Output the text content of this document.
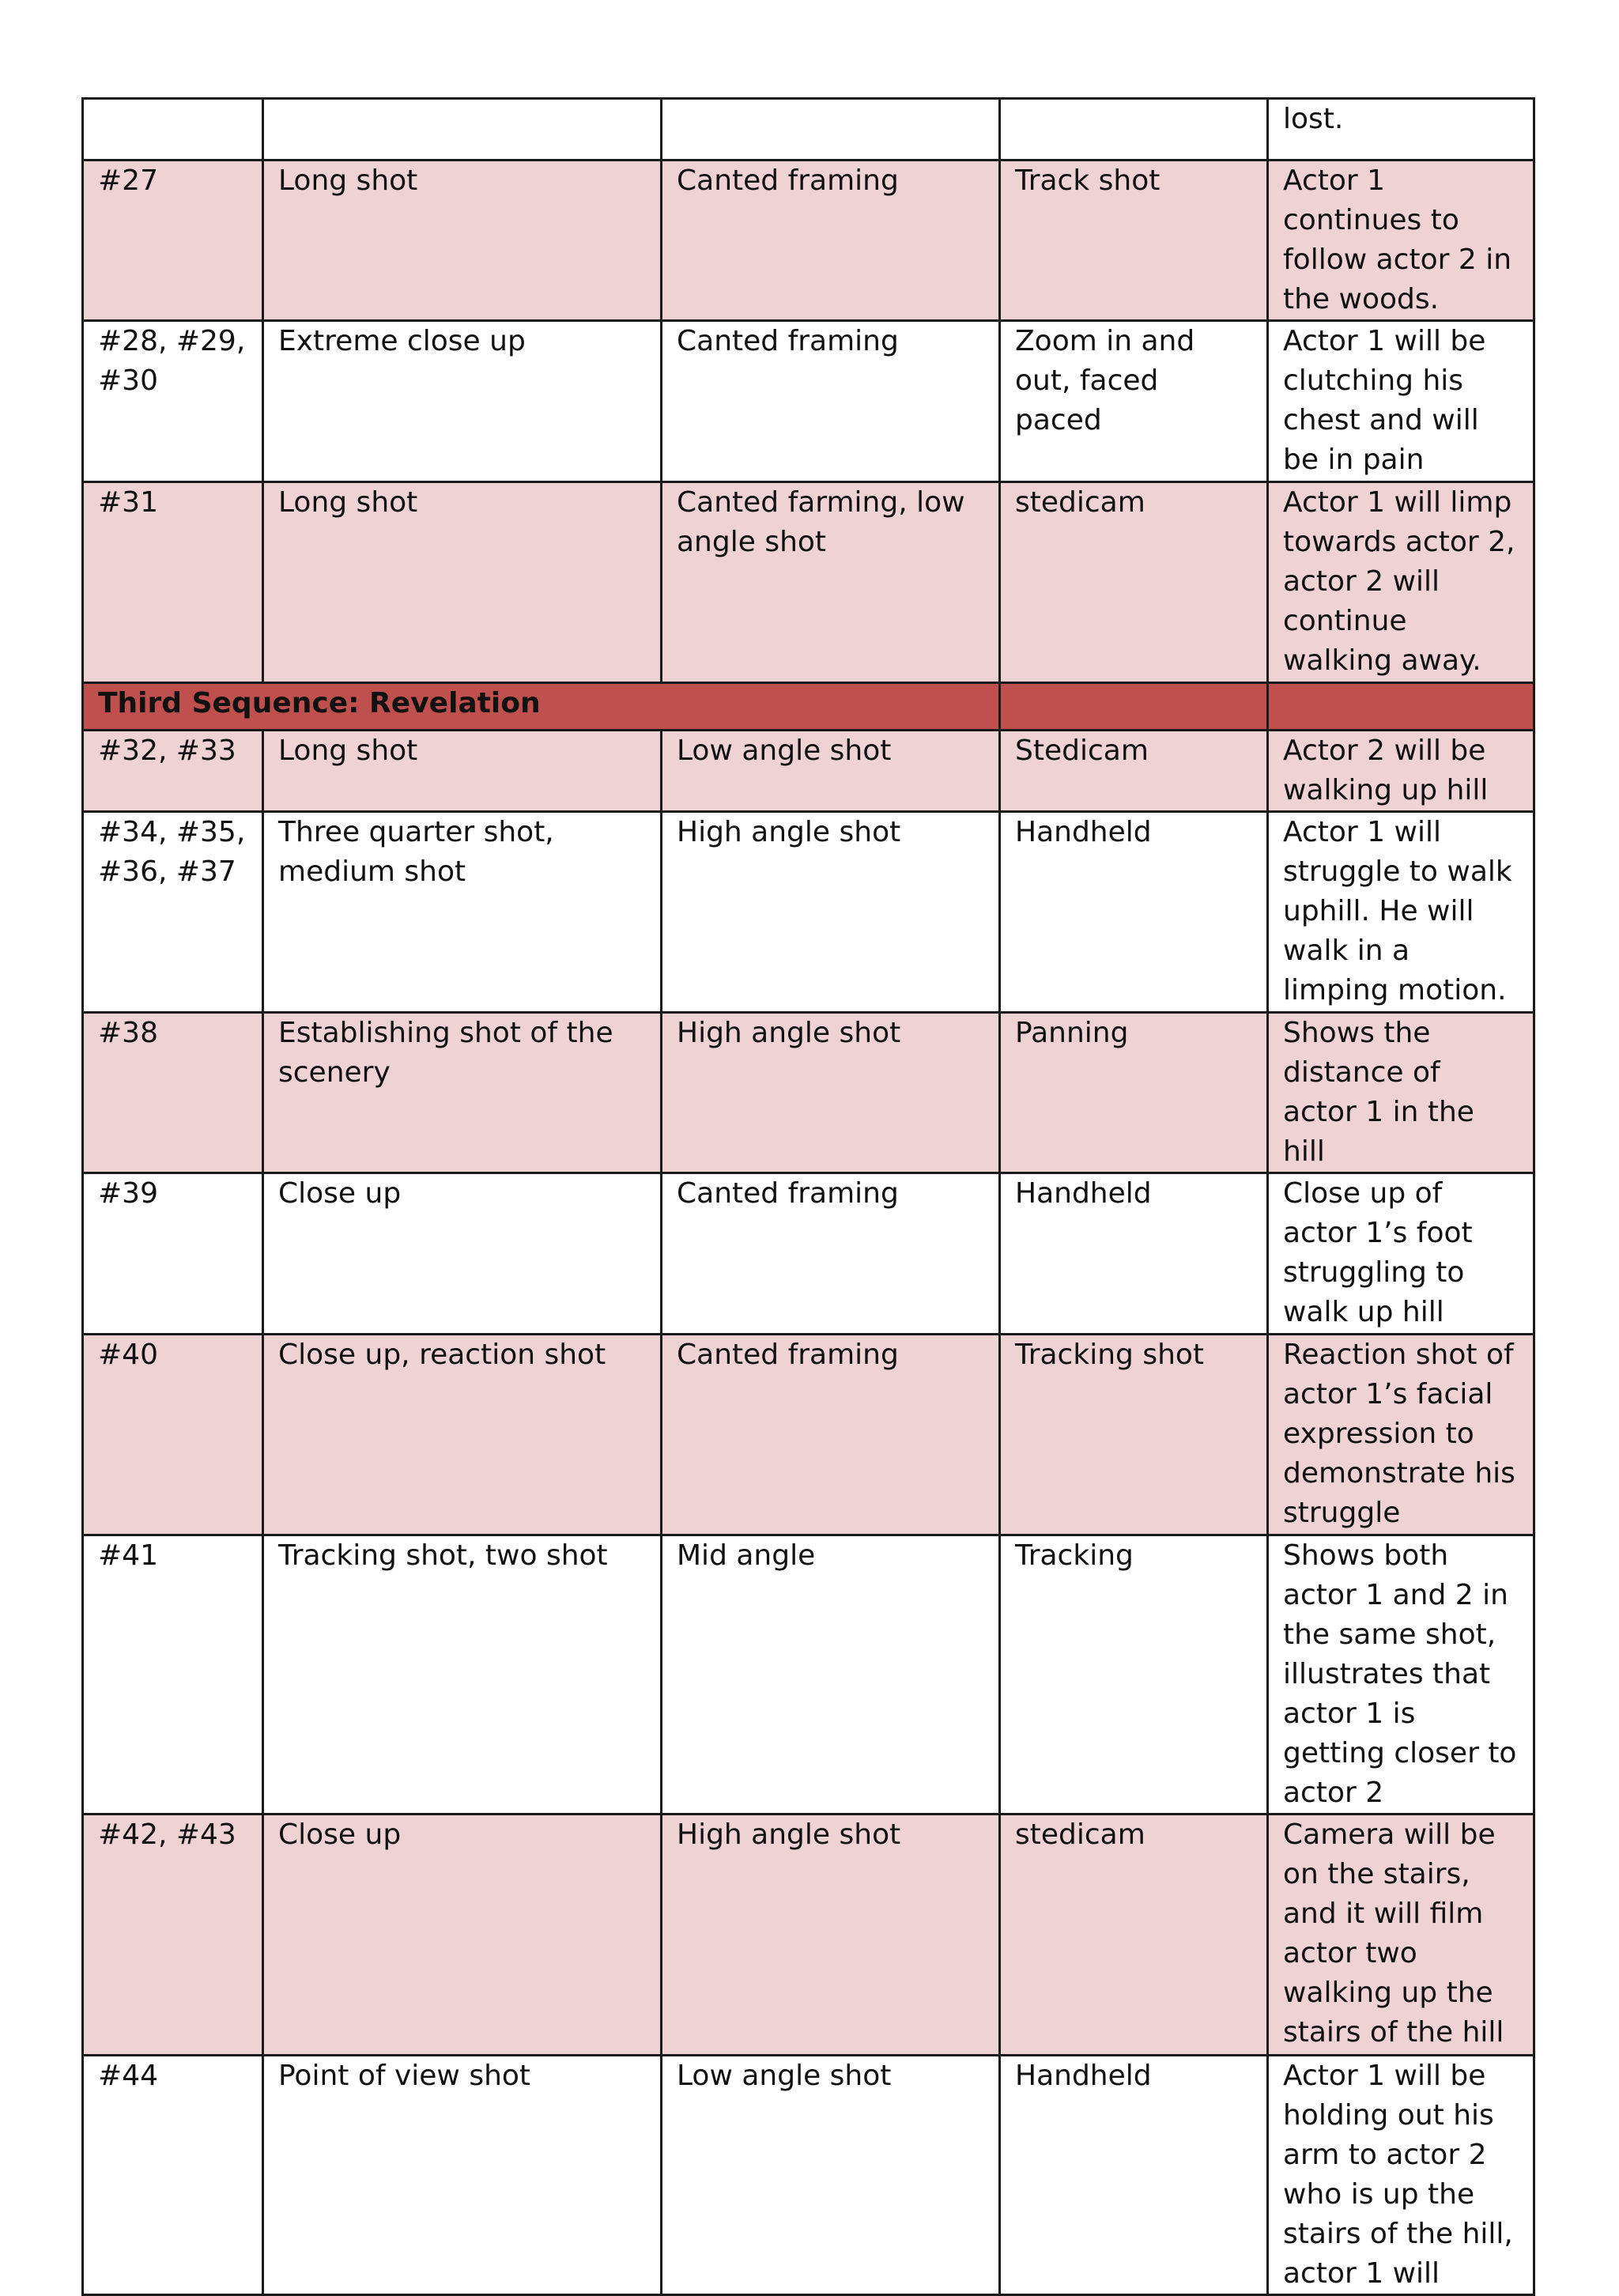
				lost.
#27	Long shot	Canted framing	Track shot	Actor 1 continues to follow actor 2 in the woods.
#28, #29, #30	Extreme close up	Canted framing	Zoom in and out, faced paced	Actor 1 will be clutching his chest and will be in pain
#31	Long shot	Canted farming, low angle shot	stedicam	Actor 1 will limp towards actor 2, actor 2 will continue walking away.
Third Sequence: Revelation				
#32, #33	Long shot	Low angle shot	Stedicam	Actor 2 will be walking up hill
#34, #35, #36, #37	Three quarter shot, medium shot	High angle shot	Handheld	Actor 1 will struggle to walk uphill. He will walk in a limping motion.
#38	Establishing shot of the scenery	High angle shot	Panning	Shows the distance of actor 1 in the hill
#39	Close up	Canted framing	Handheld	Close up of actor 1’s foot struggling to walk up hill
#40	Close up, reaction shot	Canted framing	Tracking shot	Reaction shot of actor 1’s facial expression to demonstrate his struggle
#41	Tracking shot, two shot	Mid angle	Tracking	Shows both actor 1 and 2 in the same shot, illustrates that actor 1 is getting closer to actor 2
#42, #43	Close up	High angle shot	stedicam	Camera will be on the stairs, and it will film actor two walking up the stairs of the hill
#44	Point of view shot	Low angle shot	Handheld	Actor 1 will be holding out his arm to actor 2 who is up the stairs of the hill, actor 1 will
